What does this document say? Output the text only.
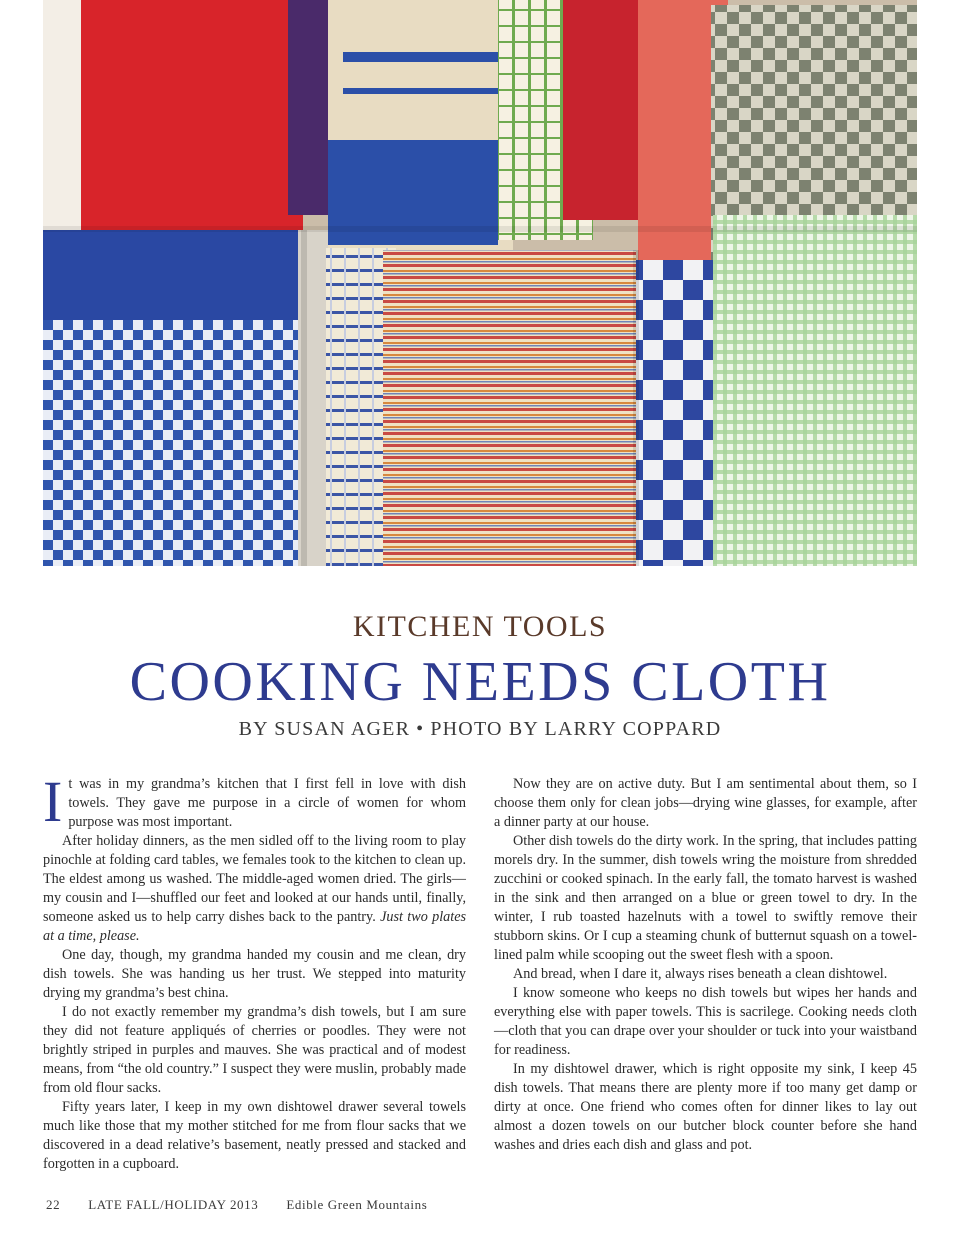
KITCHEN TOOLS
COOKING NEEDS CLOTH
BY SUSAN AGER • PHOTO BY LARRY COPPARD

It was in my grandma’s kitchen that I first fell in love with dish towels. They gave me purpose in a circle of women for whom purpose was most important.

After holiday dinners, as the men sidled off to the living room to play pinochle at folding card tables, we females took to the kitchen to clean up. The eldest among us washed. The middle-aged women dried. The girls—my cousin and I—shuffled our feet and looked at our hands until, finally, someone asked us to help carry dishes back to the pantry. Just two plates at a time, please.

One day, though, my grandma handed my cousin and me clean, dry dish towels. She was handing us her trust. We stepped into maturity drying my grandma’s best china.

I do not exactly remember my grandma’s dish towels, but I am sure they did not feature appliqués of cherries or poodles. They were not brightly striped in purples and mauves. She was practical and of modest means, from “the old country.” I suspect they were muslin, probably made from old flour sacks.

Fifty years later, I keep in my own dishtowel drawer several towels much like those that my mother stitched for me from flour sacks that we discovered in a dead relative’s basement, neatly pressed and stacked and forgotten in a cupboard.

Now they are on active duty. But I am sentimental about them, so I choose them only for clean jobs—drying wine glasses, for example, after a dinner party at our house.

Other dish towels do the dirty work. In the spring, that includes patting morels dry. In the summer, dish towels wring the moisture from shredded zucchini or cooked spinach. In the early fall, the tomato harvest is washed in the sink and then arranged on a blue or green towel to dry. In the winter, I rub toasted hazelnuts with a towel to swiftly remove their stubborn skins. Or I cup a steaming chunk of butternut squash on a towel-lined palm while scooping out the sweet flesh with a spoon.

And bread, when I dare it, always rises beneath a clean dishtowel.

I know someone who keeps no dish towels but wipes her hands and everything else with paper towels. This is sacrilege. Cooking needs cloth—cloth that you can drape over your shoulder or tuck into your waistband for readiness.

In my dishtowel drawer, which is right opposite my sink, I keep 45 dish towels. That means there are plenty more if too many get damp or dirty at once. One friend who comes often for dinner likes to lay out almost a dozen towels on our butcher block counter before she hand washes and dries each dish and glass and pot.

22 LATE FALL/HOLIDAY 2013 Edible Green Mountains
